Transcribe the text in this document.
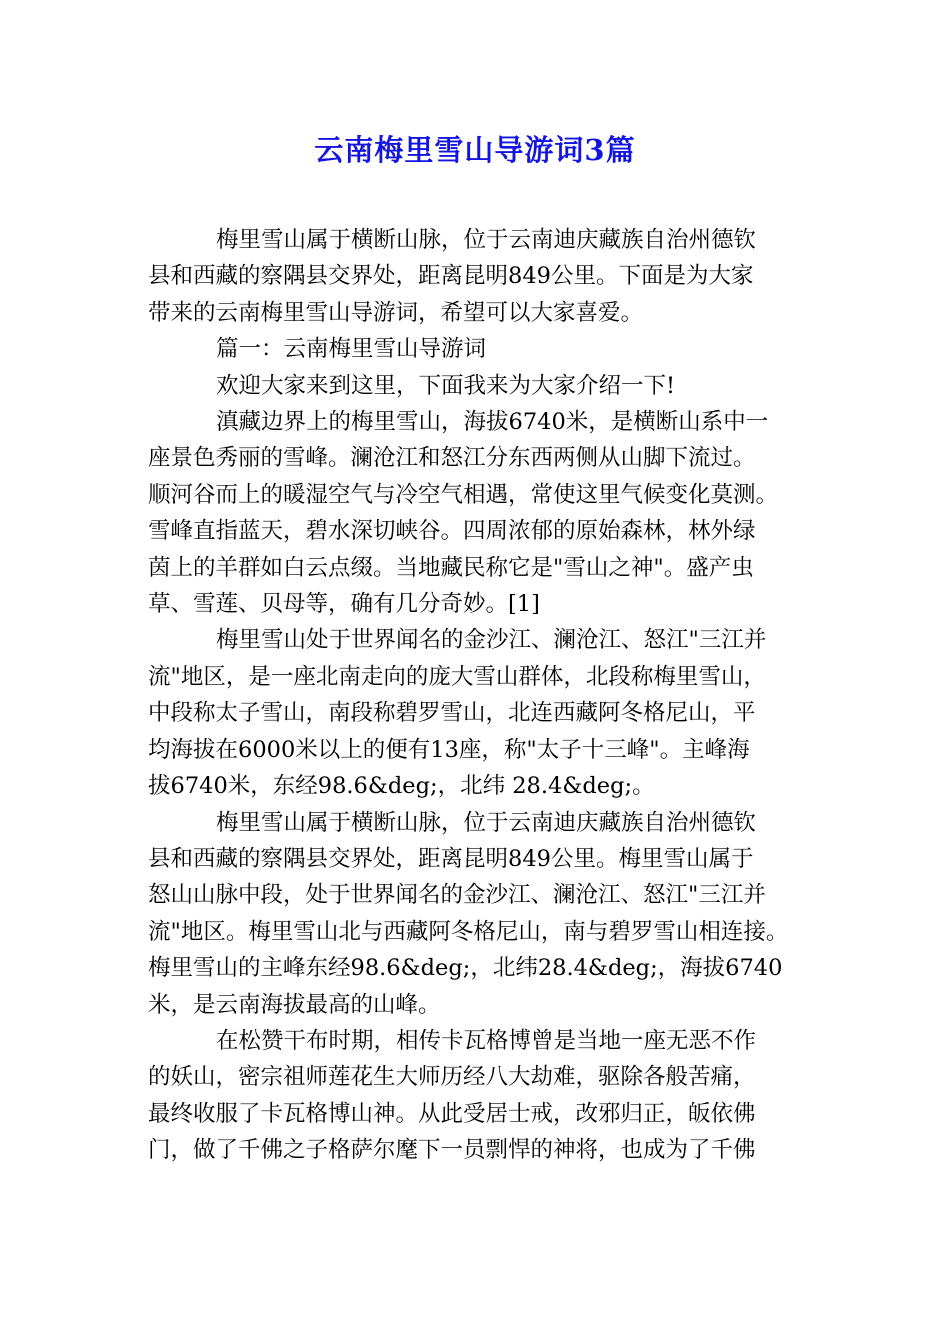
云南梅里雪山导游词3篇
梅里雪山属于横断山脉，位于云南迪庆藏族自治州德钦
县和西藏的察隅县交界处，距离昆明849公里。下面是为大家
带来的云南梅里雪山导游词，希望可以大家喜爱。
篇一：云南梅里雪山导游词
欢迎大家来到这里，下面我来为大家介绍一下!
滇藏边界上的梅里雪山，海拔6740米，是横断山系中一
座景色秀丽的雪峰。澜沧江和怒江分东西两侧从山脚下流过。
顺河谷而上的暖湿空气与冷空气相遇，常使这里气候变化莫测。
雪峰直指蓝天，碧水深切峡谷。四周浓郁的原始森林，林外绿
茵上的羊群如白云点缀。当地藏民称它是"雪山之神"。盛产虫
草、雪莲、贝母等，确有几分奇妙。[1]
梅里雪山处于世界闻名的金沙江、澜沧江、怒江"三江并
流"地区，是一座北南走向的庞大雪山群体，北段称梅里雪山，
中段称太子雪山，南段称碧罗雪山，北连西藏阿冬格尼山，平
均海拔在6000米以上的便有13座，称"太子十三峰"。主峰海
拔6740米，东经98.6&deg;，北纬 28.4&deg;。
梅里雪山属于横断山脉，位于云南迪庆藏族自治州德钦
县和西藏的察隅县交界处，距离昆明849公里。梅里雪山属于
怒山山脉中段，处于世界闻名的金沙江、澜沧江、怒江"三江并
流"地区。梅里雪山北与西藏阿冬格尼山，南与碧罗雪山相连接。
梅里雪山的主峰东经98.6&deg;，北纬28.4&deg;，海拔6740
米，是云南海拔最高的山峰。
在松赞干布时期，相传卡瓦格博曾是当地一座无恶不作
的妖山，密宗祖师莲花生大师历经八大劫难，驱除各般苦痛，
最终收服了卡瓦格博山神。从此受居士戒，改邪归正，皈依佛
门，做了千佛之子格萨尔麾下一员剽悍的神将，也成为了千佛
